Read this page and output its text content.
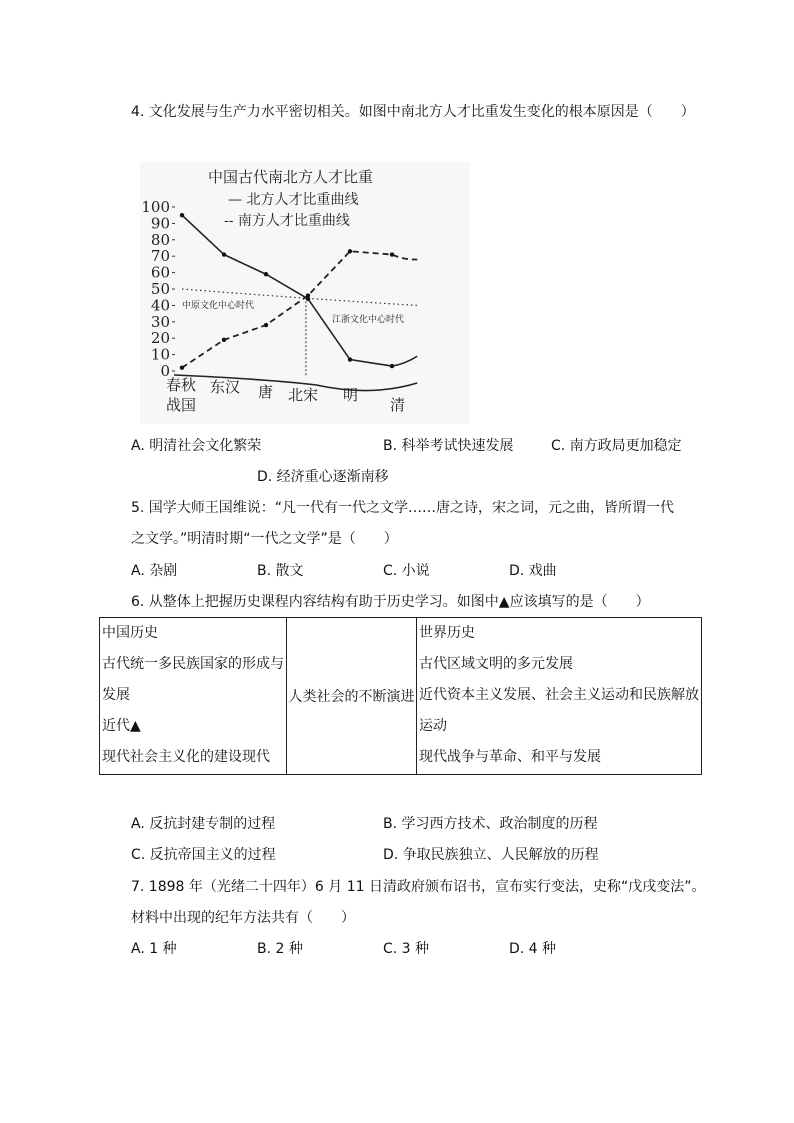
4. 文化发展与生产力水平密切相关。如图中南北方人才比重发生变化的根本原因是（　　）
中国古代南北方人才比重
— 北方人才比重曲线
-- 南方人才比重曲线
0
10
20
30
40
50
60
70
80
90
100
中原文化中心时代
江浙文化中心时代
春秋
战国
东汉 唐 北宋 明
清
A. 明清社会文化繁荣	B. 科举考试快速发展	C. 南方政局更加稳定
D. 经济重心逐渐南移
5. 国学大师王国维说：“凡一代有一代之文学……唐之诗，宋之词，元之曲，皆所谓一代
之文学。”明清时期“一代之文学”是（　　）
A. 杂剧	B. 散文	C. 小说	D. 戏曲
6. 从整体上把握历史课程内容结构有助于历史学习。如图中▲应该填写的是（　　）
中国历史
古代统一多民族国家的形成与
发展
近代▲
现代社会主义化的建设现代
	人类社会的不断演进	
世界历史
古代区域文明的多元发展
近代资本主义发展、社会主义运动和民族解放
运动
现代战争与革命、和平与发展
A. 反抗封建专制的过程	B. 学习西方技术、政治制度的历程
C. 反抗帝国主义的过程	D. 争取民族独立、人民解放的历程
7. 1898 年（光绪二十四年）6 月 11 日清政府颁布诏书，宣布实行变法，史称“戊戌变法”。
材料中出现的纪年方法共有（　　）
A. 1 种	B. 2 种	C. 3 种	D. 4 种
